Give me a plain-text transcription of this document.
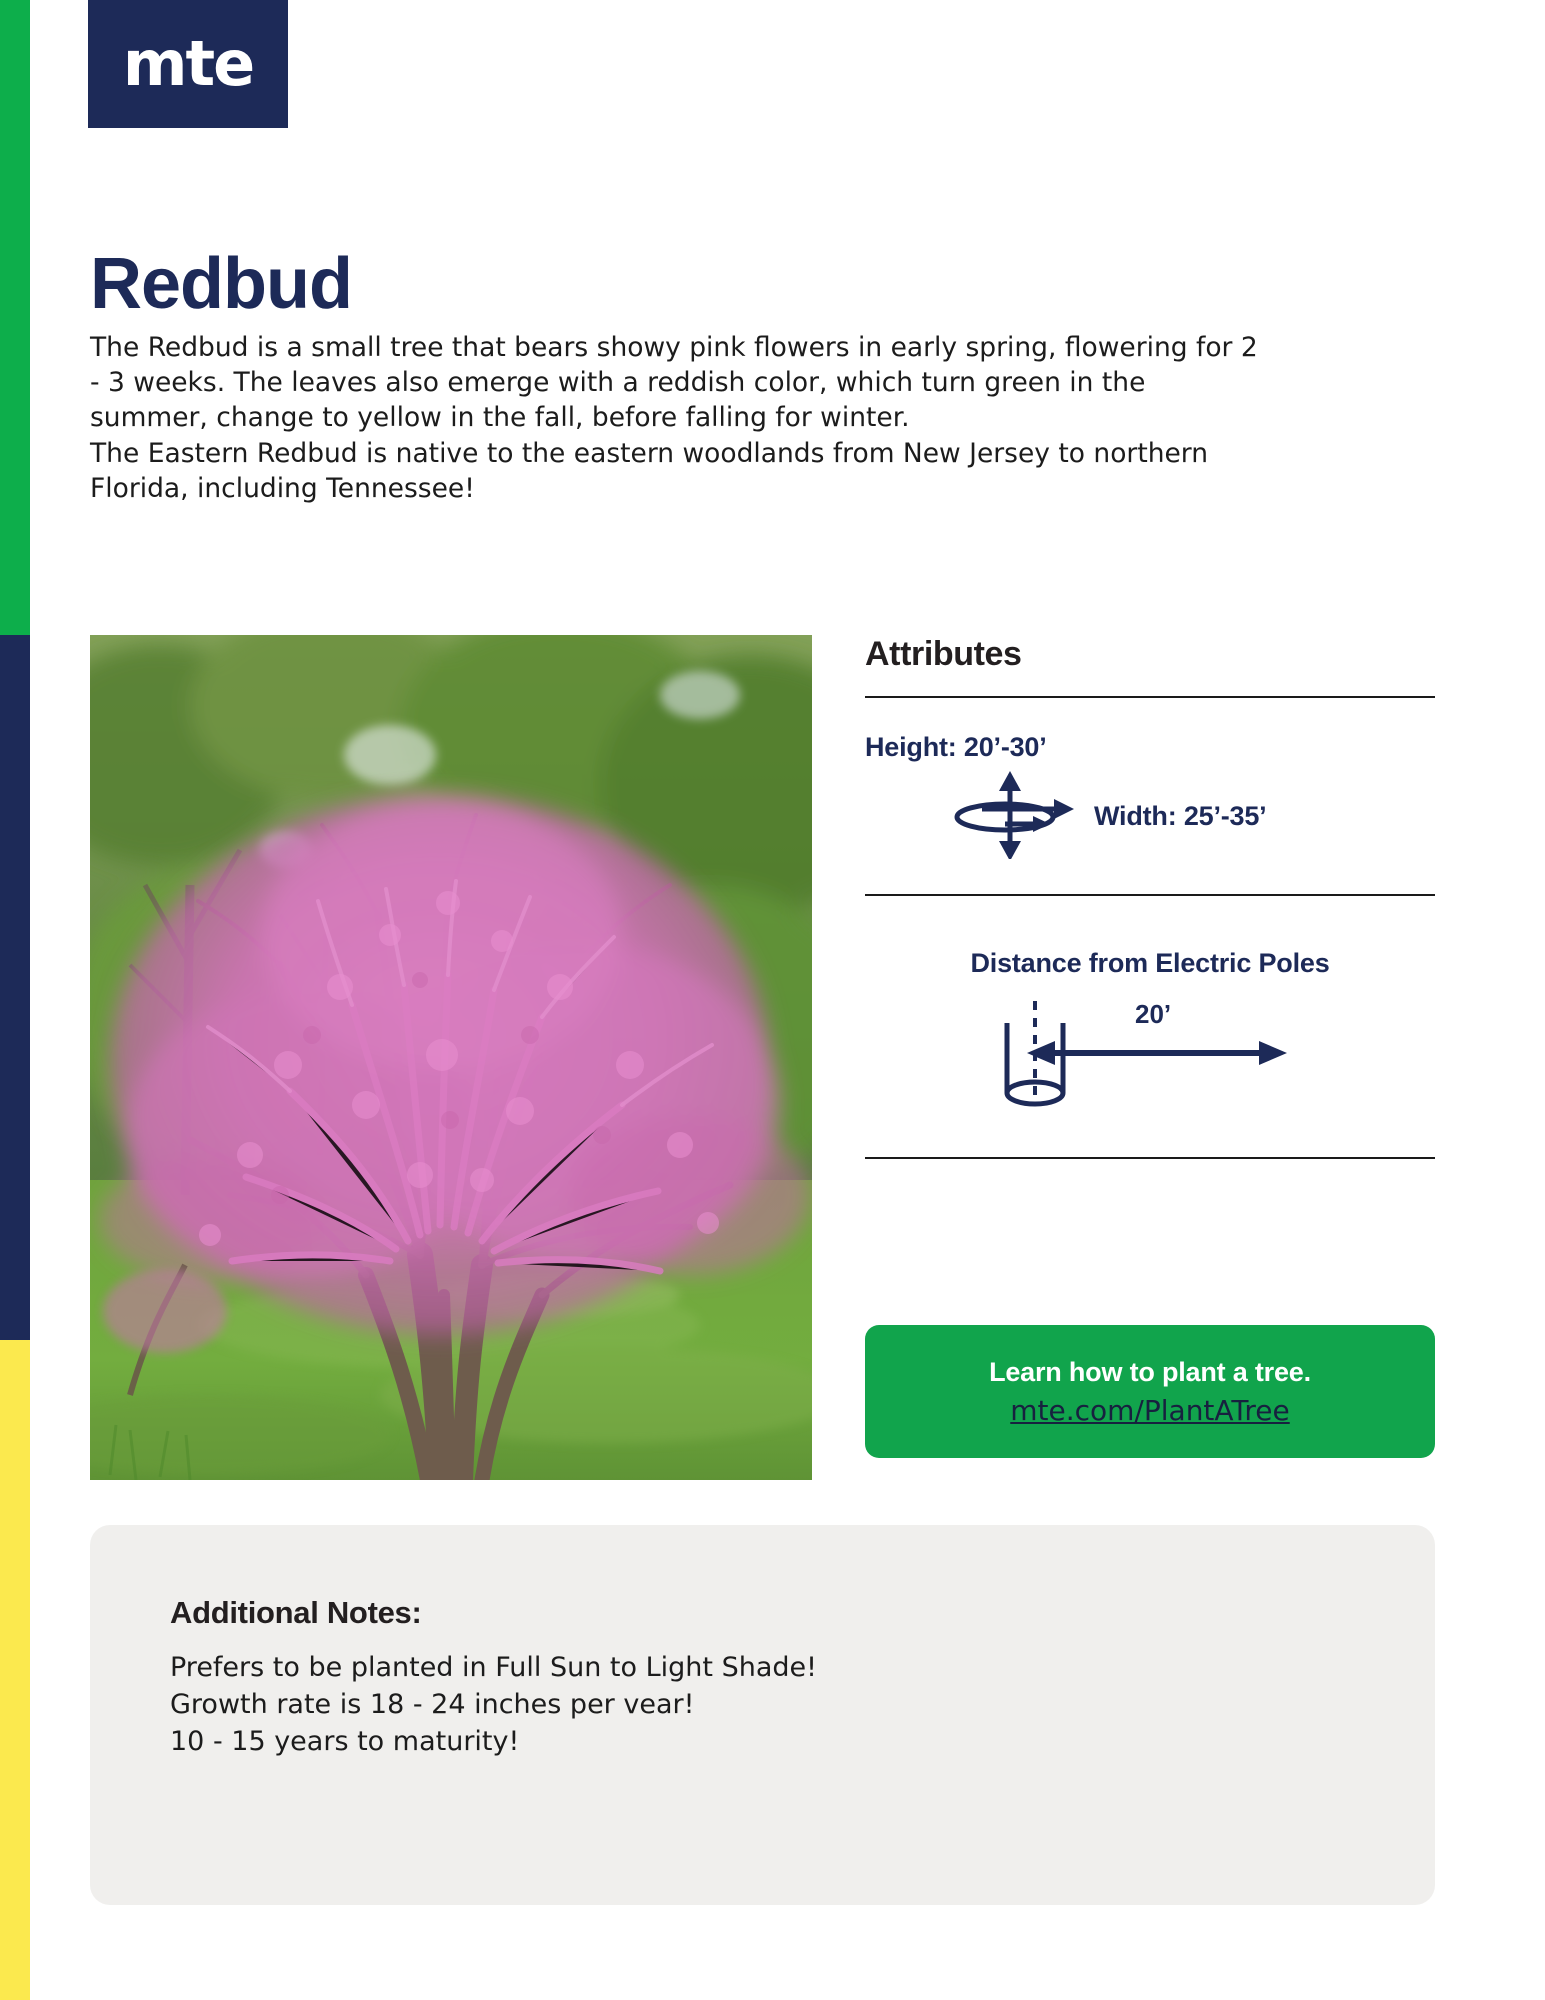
mte
Redbud

The Redbud is a small tree that bears showy pink flowers in early spring, flowering for 2 - 3 weeks. The leaves also emerge with a reddish color, which turn green in the summer, change to yellow in the fall, before falling for winter.

The Eastern Redbud is native to the eastern woodlands from New Jersey to northern Florida, including Tennessee!

Attributes
Height: 20’-30’
Width: 25’-35’
Distance from Electric Poles
20’
Learn how to plant a tree.
mte.com/PlantATree
Additional Notes:
Prefers to be planted in Full Sun to Light Shade!
Growth rate is 18 - 24 inches per vear!
10 - 15 years to maturity!
